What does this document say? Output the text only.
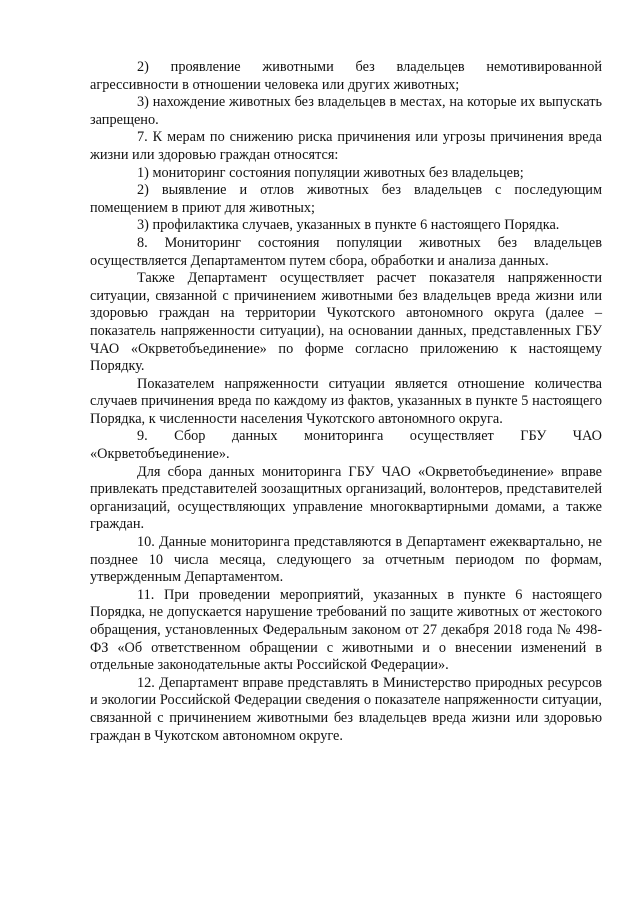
2) проявление животными без владельцев немотивированной агрессивности в отношении человека или других животных;

3) нахождение животных без владельцев в местах, на которые их выпускать запрещено.

7. К мерам по снижению риска причинения или угрозы причинения вреда жизни или здоровью граждан относятся:

1) мониторинг состояния популяции животных без владельцев;

2) выявление и отлов животных без владельцев с последующим помещением в приют для животных;

3) профилактика случаев, указанных в пункте 6 настоящего Порядка.

8. Мониторинг состояния популяции животных без владельцев осуществляется Департаментом путем сбора, обработки и анализа данных.

Также Департамент осуществляет расчет показателя напряженности ситуации, связанной с причинением животными без владельцев вреда жизни или здоровью граждан на территории Чукотского автономного округа (далее – показатель напряженности ситуации), на основании данных, представленных ГБУ ЧАО «Окрветобъединение» по форме согласно приложению к настоящему Порядку.

Показателем напряженности ситуации является отношение количества случаев причинения вреда по каждому из фактов, указанных в пункте 5 настоящего Порядка, к численности населения Чукотского автономного округа.

9. Сбор данных мониторинга осуществляет ГБУ ЧАО «Окрветобъединение».

Для сбора данных мониторинга ГБУ ЧАО «Окрветобъединение» вправе привлекать представителей зоозащитных организаций, волонтеров, представителей организаций, осуществляющих управление многоквартирными домами, а также граждан.

10. Данные мониторинга представляются в Департамент ежеквартально, не позднее 10 числа месяца, следующего за отчетным периодом по формам, утвержденным Департаментом.

11. При проведении мероприятий, указанных в пункте 6 настоящего Порядка, не допускается нарушение требований по защите животных от жестокого обращения, установленных Федеральным законом от 27 декабря 2018 года № 498-ФЗ «Об ответственном обращении с животными и о внесении изменений в отдельные законодательные акты Российской Федерации».

12. Департамент вправе представлять в Министерство природных ресурсов и экологии Российской Федерации сведения о показателе напряженности ситуации, связанной с причинением животными без владельцев вреда жизни или здоровью граждан в Чукотском автономном округе.
